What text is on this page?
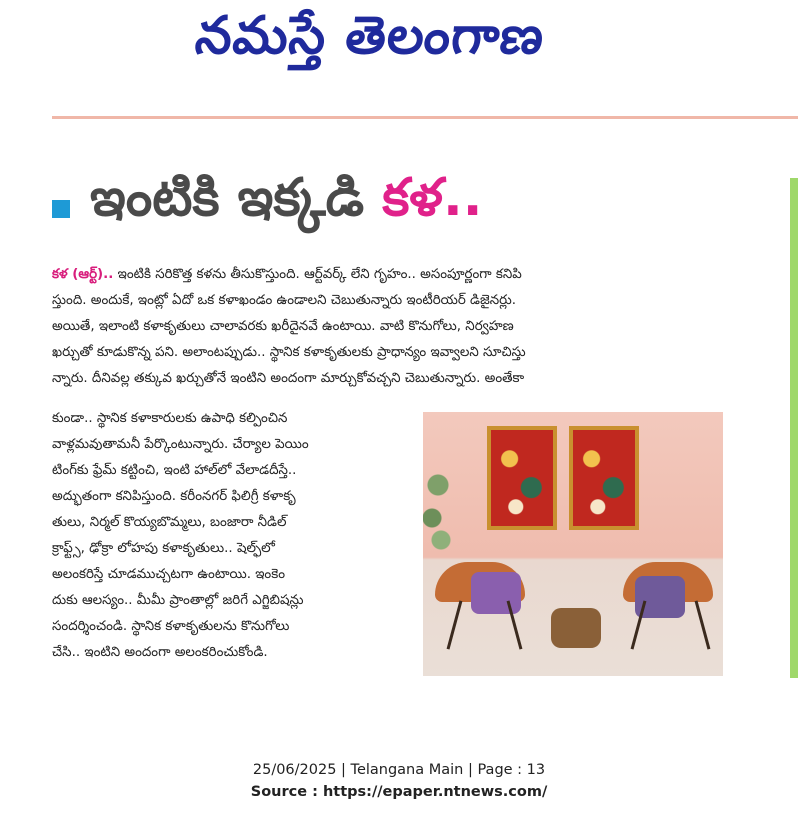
నమస్తే తెలంగాణ
ఇంటికి ఇక్కడి కళ..
కళ (ఆర్ట్).. ఇంటికి సరికొత్త కళను తీసుకొస్తుంది. ఆర్ట్‌వర్క్ లేని గృహం.. అసంపూర్ణంగా కనిపి
స్తుంది. అందుకే, ఇంట్లో ఏదో ఒక కళాఖండం ఉండాలని చెబుతున్నారు ఇంటీరియర్ డిజైనర్లు.
అయితే, ఇలాంటి కళాకృతులు చాలావరకు ఖరీదైనవే ఉంటాయి. వాటి కొనుగోలు, నిర్వహణ
ఖర్చుతో కూడుకొన్న పని. అలాంటప్పుడు.. స్థానిక కళాకృతులకు ప్రాధాన్యం ఇవ్వాలని సూచిస్తు
న్నారు. దీనివల్ల తక్కువ ఖర్చుతోనే ఇంటిని అందంగా మార్చుకోవచ్చని చెబుతున్నారు. అంతేకా
కుండా.. స్థానిక కళాకారులకు ఉపాధి కల్పించిన
వాళ్లమవుతామనీ పేర్కొంటున్నారు. చేర్యాల పెయిం
టింగ్‌కు ఫ్రేమ్ కట్టించి, ఇంటి హాల్‌లో వేలాడదీస్తే..
అద్భుతంగా కనిపిస్తుంది. కరీంనగర్ ఫిలిగ్రీ కళాకృ
తులు, నిర్మల్ కొయ్యబొమ్మలు, బంజారా నీడిల్
క్రాఫ్ట్స్, ఢోక్రా లోహపు కళాకృతులు.. షెల్ఫ్‌లో
అలంకరిస్తే చూడముచ్చటగా ఉంటాయి. ఇంకెం
దుకు ఆలస్యం.. మీమీ ప్రాంతాల్లో జరిగే ఎగ్జిబిషన్లు
సందర్శించండి. స్థానిక కళాకృతులను కొనుగోలు
చేసి.. ఇంటిని అందంగా అలంకరించుకోండి.
25/06/2025 | Telangana Main | Page : 13
Source : https://epaper.ntnews.com/
